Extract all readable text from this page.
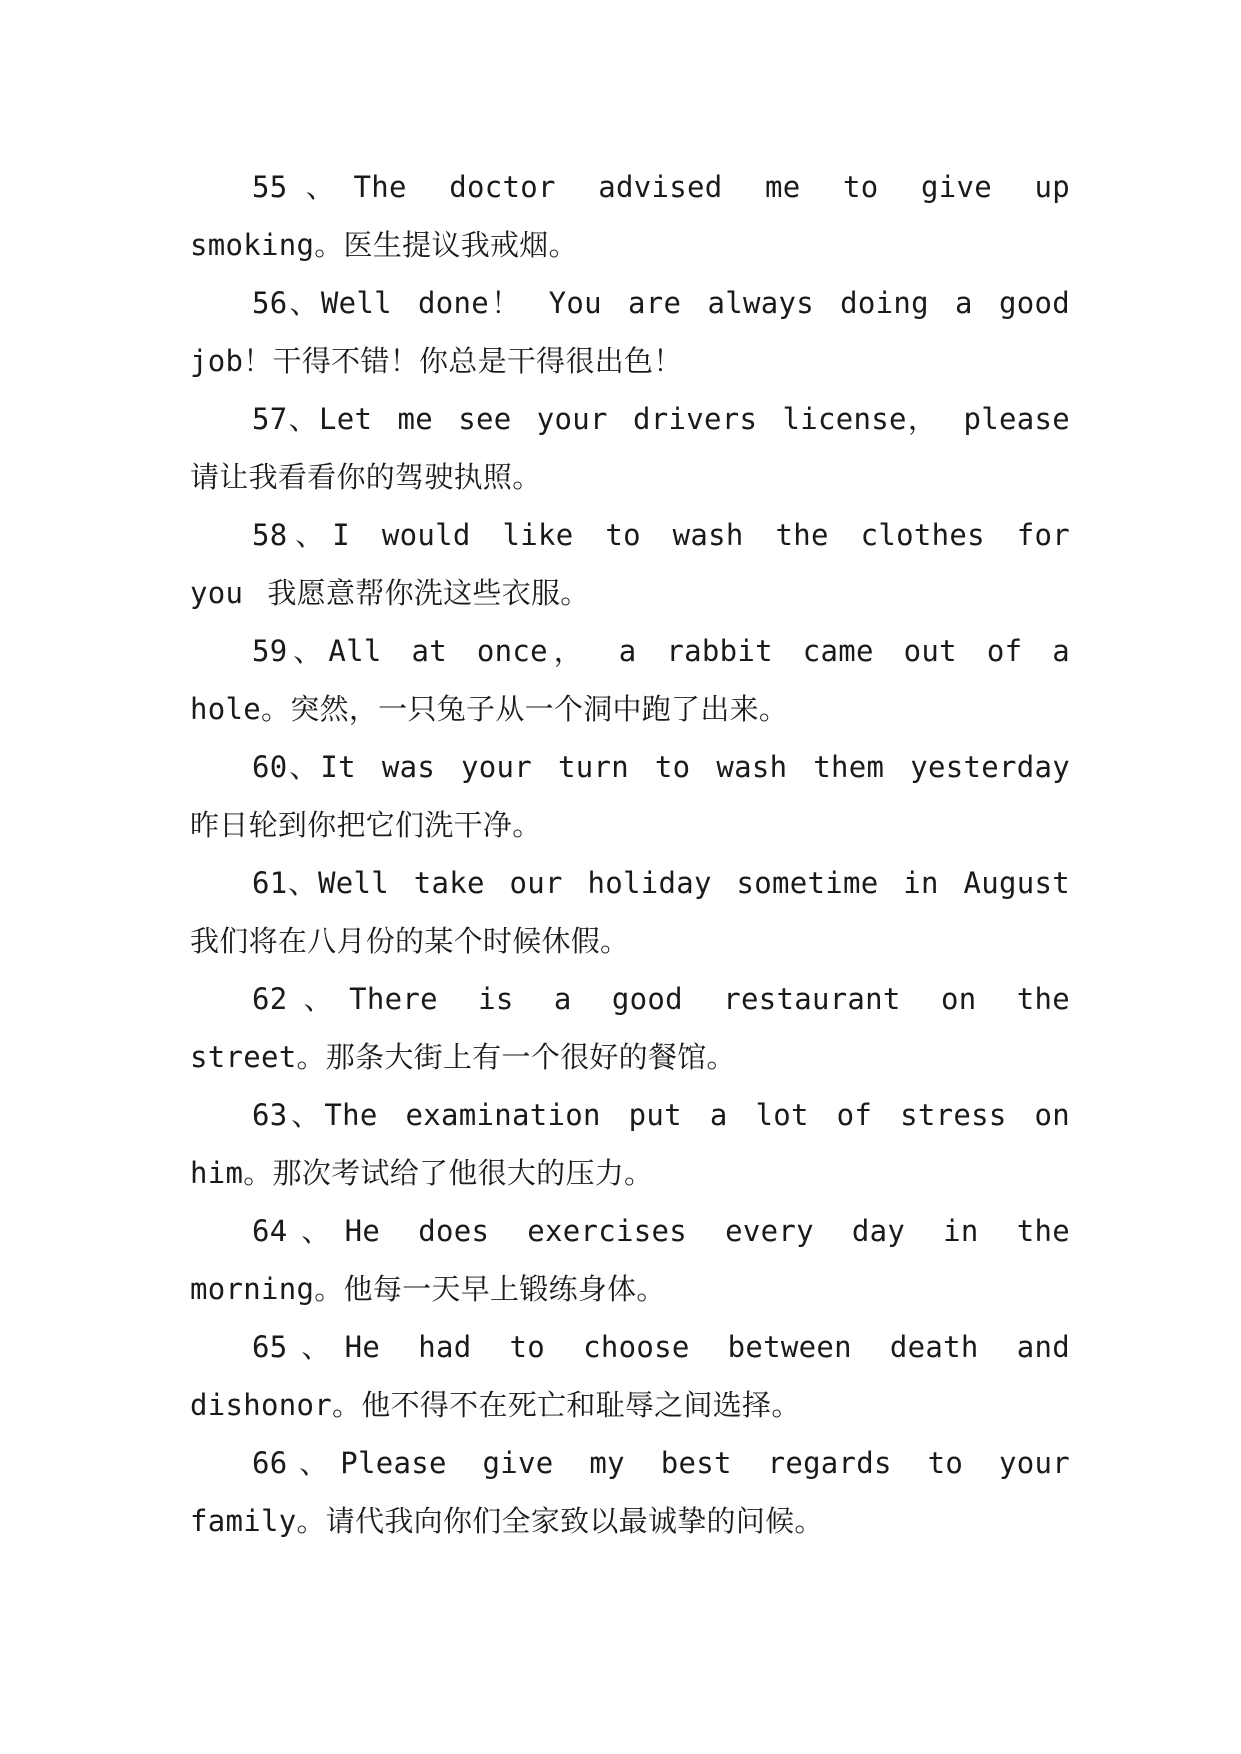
55、The doctor advised me to give up smoking。医生提议我戒烟。

56、Well done！ You are always doing a good job！干得不错！你总是干得很出色！

57、Let me see your drivers license， please 请让我看看你的驾驶执照。

58、I would like to wash the clothes for you 我愿意帮你洗这些衣服。

59、All at once， a rabbit came out of a hole。突然，一只兔子从一个洞中跑了出来。

60、It was your turn to wash them yesterday 昨日轮到你把它们洗干净。

61、Well take our holiday sometime in August 我们将在八月份的某个时候休假。

62、There is a good restaurant on the street。那条大街上有一个很好的餐馆。

63、The examination put a lot of stress on him。那次考试给了他很大的压力。

64、He does exercises every day in the morning。他每一天早上锻练身体。

65、He had to choose between death and dishonor。他不得不在死亡和耻辱之间选择。

66、Please give my best regards to your family。请代我向你们全家致以最诚挚的问候。
